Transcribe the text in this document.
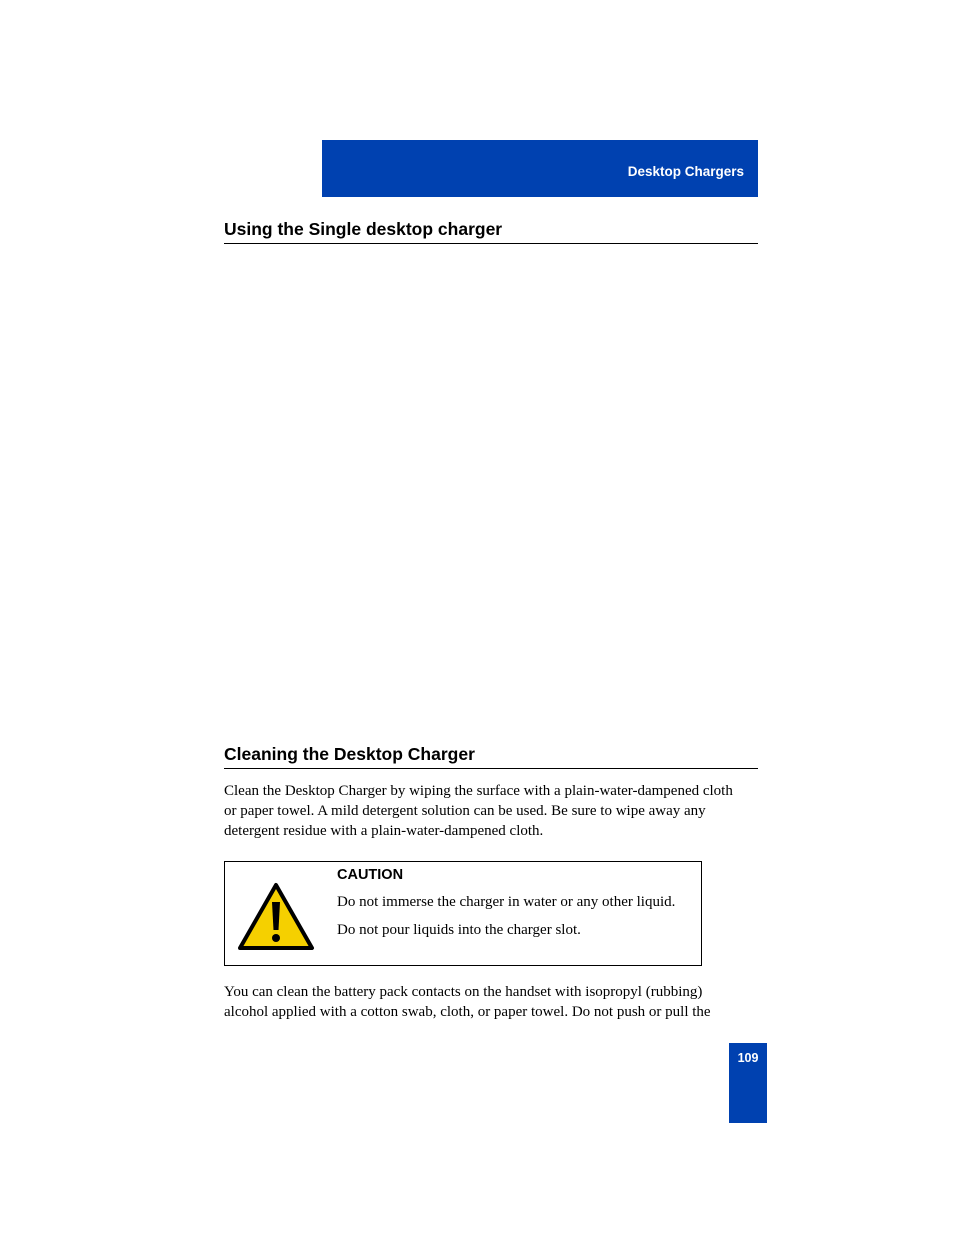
Desktop Chargers
Using the Single desktop charger
Cleaning the Desktop Charger
Clean the Desktop Charger by wiping the surface with a plain-water-dampened cloth
or paper towel. A mild detergent solution can be used. Be sure to wipe away any
detergent residue with a plain-water-dampened cloth.
CAUTION
Do not immerse the charger in water or any other liquid.
Do not pour liquids into the charger slot.
You can clean the battery pack contacts on the handset with isopropyl (rubbing)
alcohol applied with a cotton swab, cloth, or paper towel. Do not push or pull the
109
